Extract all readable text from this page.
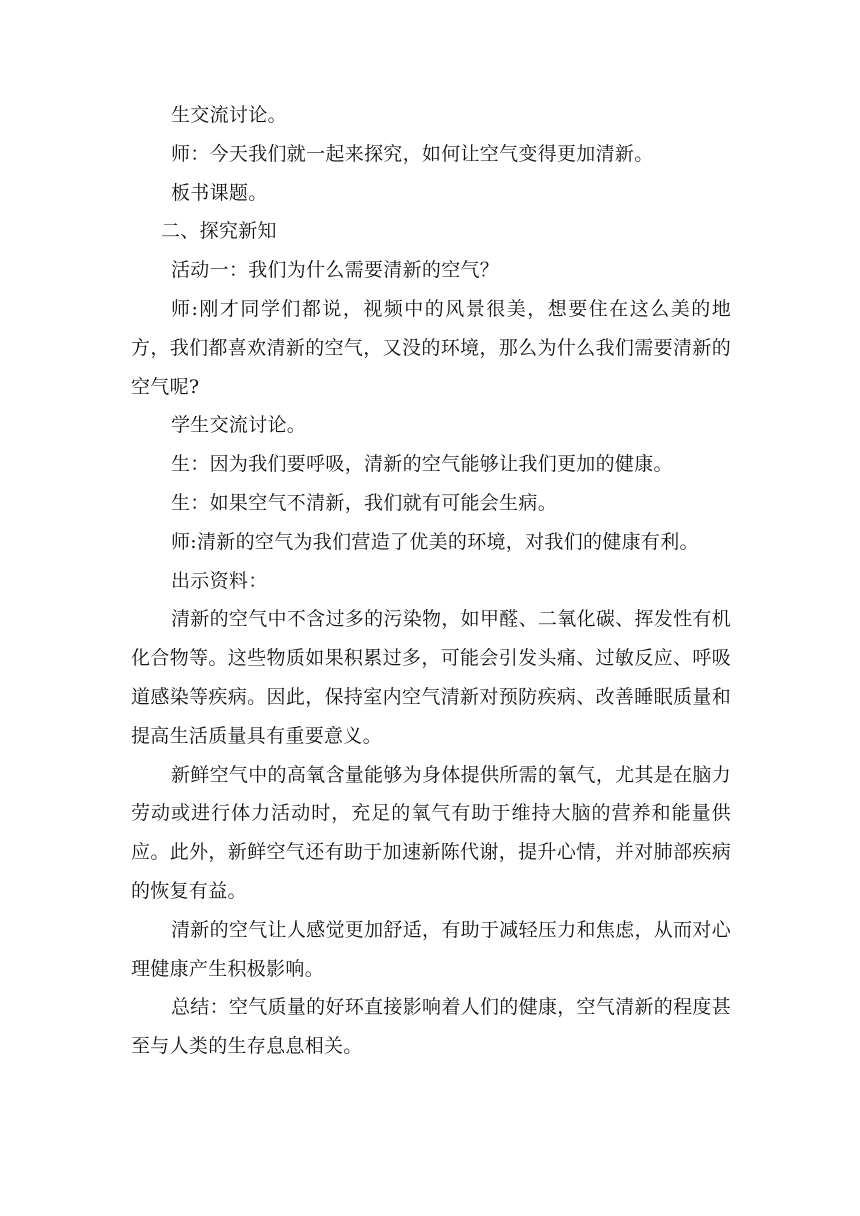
生交流讨论。

师：今天我们就一起来探究，如何让空气变得更加清新。

板书课题。

二、探究新知

活动一：我们为什么需要清新的空气？

师:刚才同学们都说，视频中的风景很美，想要住在这么美的地方，我们都喜欢清新的空气，又没的环境，那么为什么我们需要清新的空气呢?

学生交流讨论。

生：因为我们要呼吸，清新的空气能够让我们更加的健康。

生：如果空气不清新，我们就有可能会生病。

师:清新的空气为我们营造了优美的环境，对我们的健康有利。

出示资料：

清新的空气中不含过多的污染物，如甲醛、二氧化碳、挥发性有机化合物等。这些物质如果积累过多，可能会引发头痛、过敏反应、呼吸道感染等疾病。因此，保持室内空气清新对预防疾病、改善睡眠质量和提高生活质量具有重要意义。

新鲜空气中的高氧含量能够为身体提供所需的氧气，尤其是在脑力劳动或进行体力活动时，充足的氧气有助于维持大脑的营养和能量供应。此外，新鲜空气还有助于加速新陈代谢，提升心情，并对肺部疾病的恢复有益。

清新的空气让人感觉更加舒适，有助于减轻压力和焦虑，从而对心理健康产生积极影响。

总结：空气质量的好环直接影响着人们的健康，空气清新的程度甚至与人类的生存息息相关。
